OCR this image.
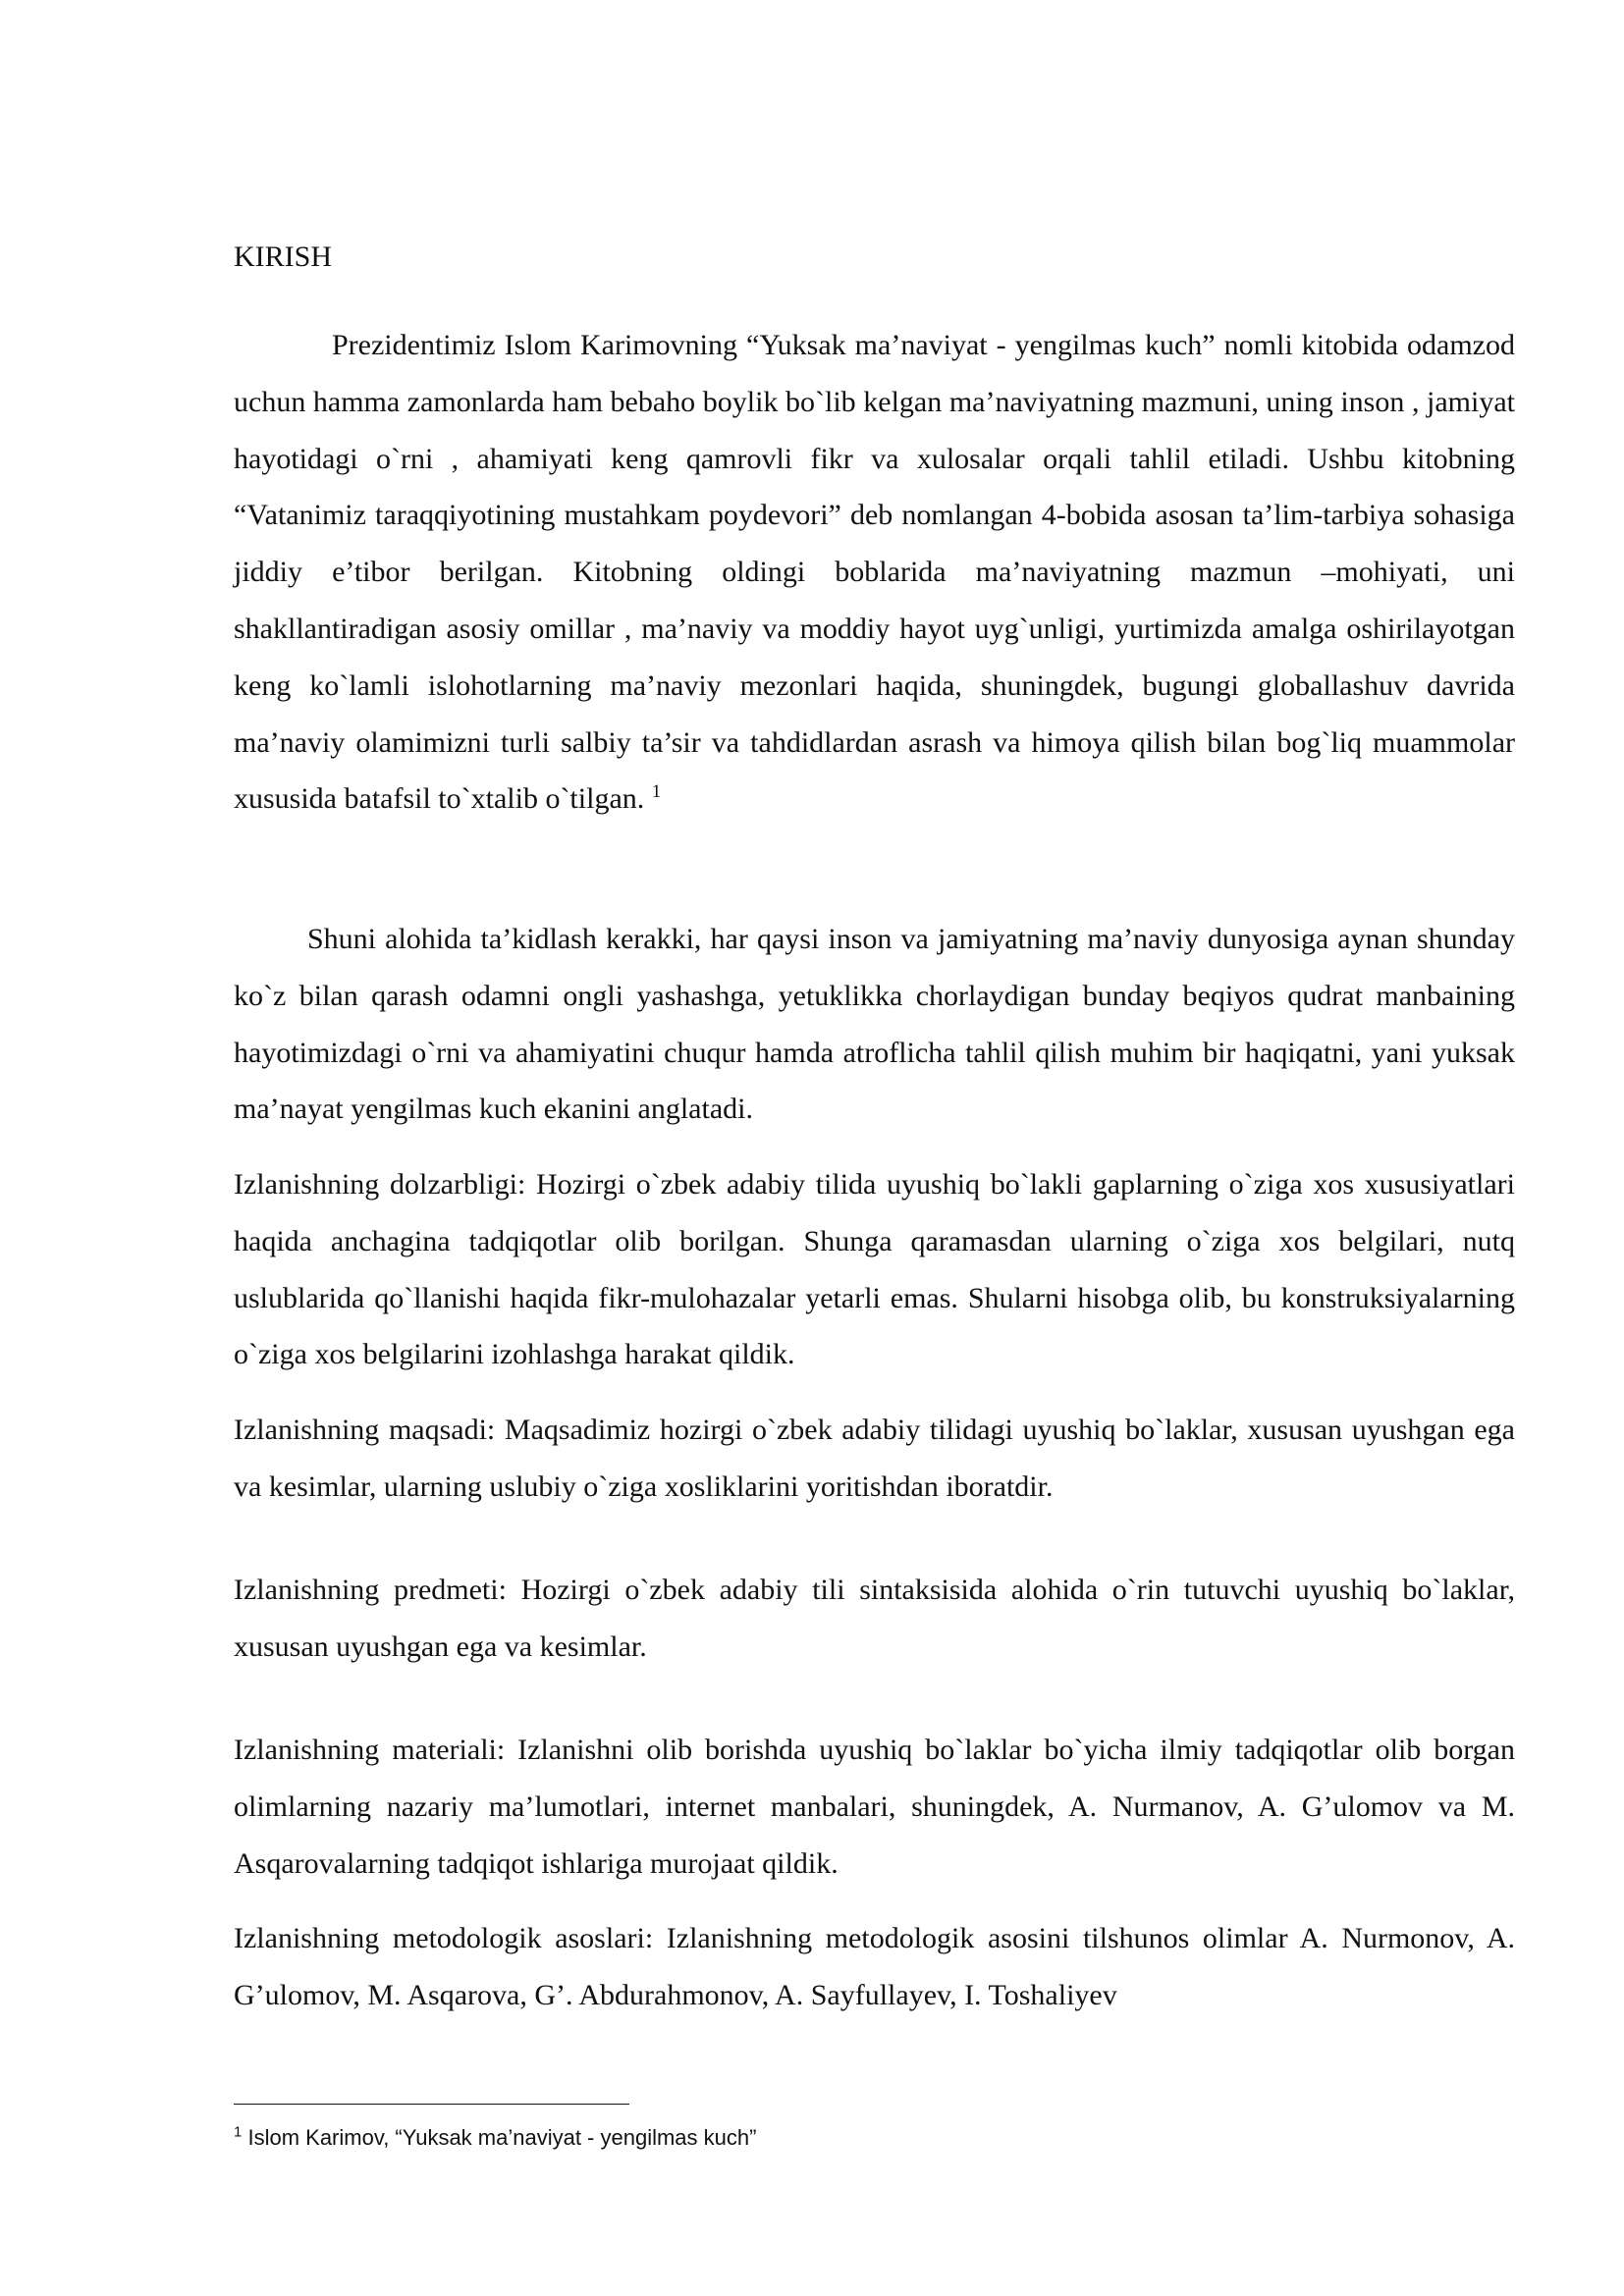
KIRISH

Prezidentimiz Islom Karimovning “Yuksak ma’naviyat - yengilmas kuch” nomli kitobida odamzod uchun hamma zamonlarda ham bebaho boylik bo`lib kelgan ma’naviyatning mazmuni, uning inson , jamiyat hayotidagi o`rni , ahamiyati keng qamrovli fikr va xulosalar orqali tahlil etiladi. Ushbu kitobning “Vatanimiz taraqqiyotining mustahkam poydevori” deb nomlangan 4-bobida asosan ta’lim-tarbiya sohasiga jiddiy e’tibor berilgan. Kitobning oldingi boblarida ma’naviyatning mazmun –mohiyati, uni shakllantiradigan asosiy omillar , ma’naviy va moddiy hayot uyg`unligi, yurtimizda amalga oshirilayotgan keng ko`lamli islohotlarning ma’naviy mezonlari haqida, shuningdek, bugungi globallashuv davrida ma’naviy olamimizni turli salbiy ta’sir va tahdidlardan asrash va himoya qilish bilan bog`liq muammolar xususida batafsil to`xtalib o`tilgan. $^1$

Shuni alohida ta’kidlash kerakki, har qaysi inson va jamiyatning ma’naviy dunyosiga aynan shunday ko`z bilan qarash odamni ongli yashashga, yetuklikka chorlaydigan bunday beqiyos qudrat manbaining hayotimizdagi o`rni va ahamiyatini chuqur hamda atroflicha tahlil qilish muhim bir haqiqatni, yani yuksak ma’nayat yengilmas kuch ekanini anglatadi.

Izlanishning dolzarbligi: Hozirgi o`zbek adabiy tilida uyushiq bo`lakli gaplarning o`ziga xos xususiyatlari haqida anchagina tadqiqotlar olib borilgan. Shunga qaramasdan ularning o`ziga xos belgilari, nutq uslublarida qo`llanishi haqida fikr-mulohazalar yetarli emas. Shularni hisobga olib, bu konstruksiyalarning o`ziga xos belgilarini izohlashga harakat qildik.

Izlanishning maqsadi: Maqsadimiz hozirgi o`zbek adabiy tilidagi uyushiq bo`laklar, xususan uyushgan ega va kesimlar, ularning uslubiy o`ziga xosliklarini yoritishdan iboratdir.

Izlanishning predmeti: Hozirgi o`zbek adabiy tili sintaksisida alohida o`rin tutuvchi uyushiq bo`laklar, xususan uyushgan ega va kesimlar.

Izlanishning materiali: Izlanishni olib borishda uyushiq bo`laklar bo`yicha ilmiy tadqiqotlar olib borgan olimlarning nazariy ma’lumotlari, internet manbalari, shuningdek, A. Nurmanov, A. G’ulomov va M. Asqarovalarning tadqiqot ishlariga murojaat qildik.

Izlanishning metodologik asoslari: Izlanishning metodologik asosini tilshunos olimlar A. Nurmonov, A. G’ulomov, M. Asqarova, G’. Abdurahmonov, A. Sayfullayev, I. Toshaliyev

$^1$ Islom Karimov, “Yuksak ma’naviyat - yengilmas kuch”
